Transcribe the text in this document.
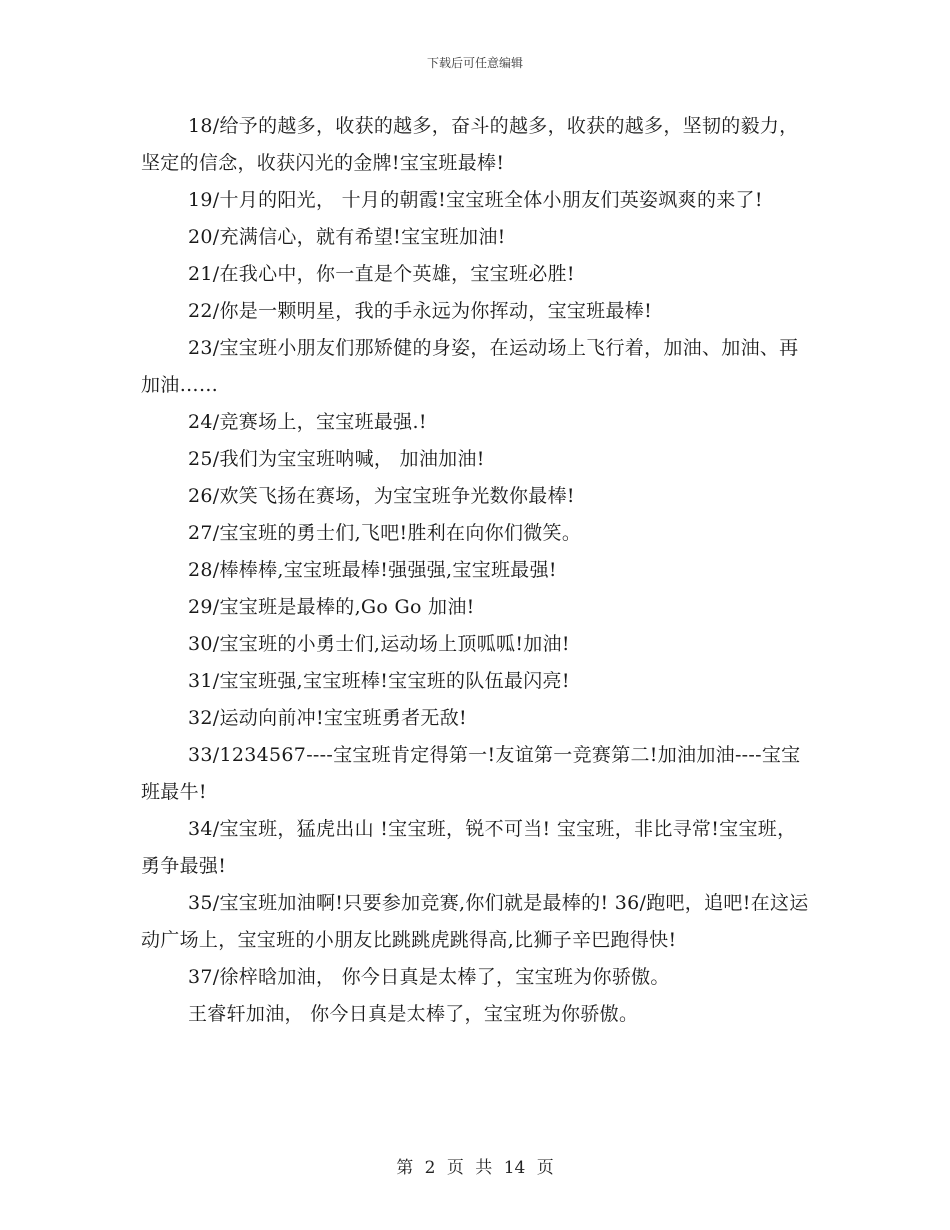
下载后可任意编辑

18/给予的越多，收获的越多，奋斗的越多，收获的越多，坚韧的毅力，坚定的信念，收获闪光的金牌!宝宝班最棒!

19/十月的阳光， 十月的朝霞!宝宝班全体小朋友们英姿飒爽的来了!

20/充满信心，就有希望!宝宝班加油!

21/在我心中，你一直是个英雄，宝宝班必胜!

22/你是一颗明星，我的手永远为你挥动，宝宝班最棒!

23/宝宝班小朋友们那矫健的身姿，在运动场上飞行着，加油、加油、再加油……

24/竞赛场上，宝宝班最强.!

25/我们为宝宝班呐喊， 加油加油!

26/欢笑飞扬在赛场，为宝宝班争光数你最棒!

27/宝宝班的勇士们,飞吧!胜利在向你们微笑。

28/棒棒棒,宝宝班最棒!强强强,宝宝班最强!

29/宝宝班是最棒的,Go Go 加油!

30/宝宝班的小勇士们,运动场上顶呱呱!加油!

31/宝宝班强,宝宝班棒!宝宝班的队伍最闪亮!

32/运动向前冲!宝宝班勇者无敌!

33/1234567----宝宝班肯定得第一!友谊第一竞赛第二!加油加油----宝宝班最牛!

34/宝宝班，猛虎出山 !宝宝班，锐不可当! 宝宝班，非比寻常!宝宝班，勇争最强!

35/宝宝班加油啊!只要参加竞赛,你们就是最棒的! 36/跑吧，追吧!在这运动广场上，宝宝班的小朋友比跳跳虎跳得高,比狮子辛巴跑得快!

37/徐梓晗加油， 你今日真是太棒了，宝宝班为你骄傲。

王睿轩加油， 你今日真是太棒了，宝宝班为你骄傲。

第 2 页 共 14 页
